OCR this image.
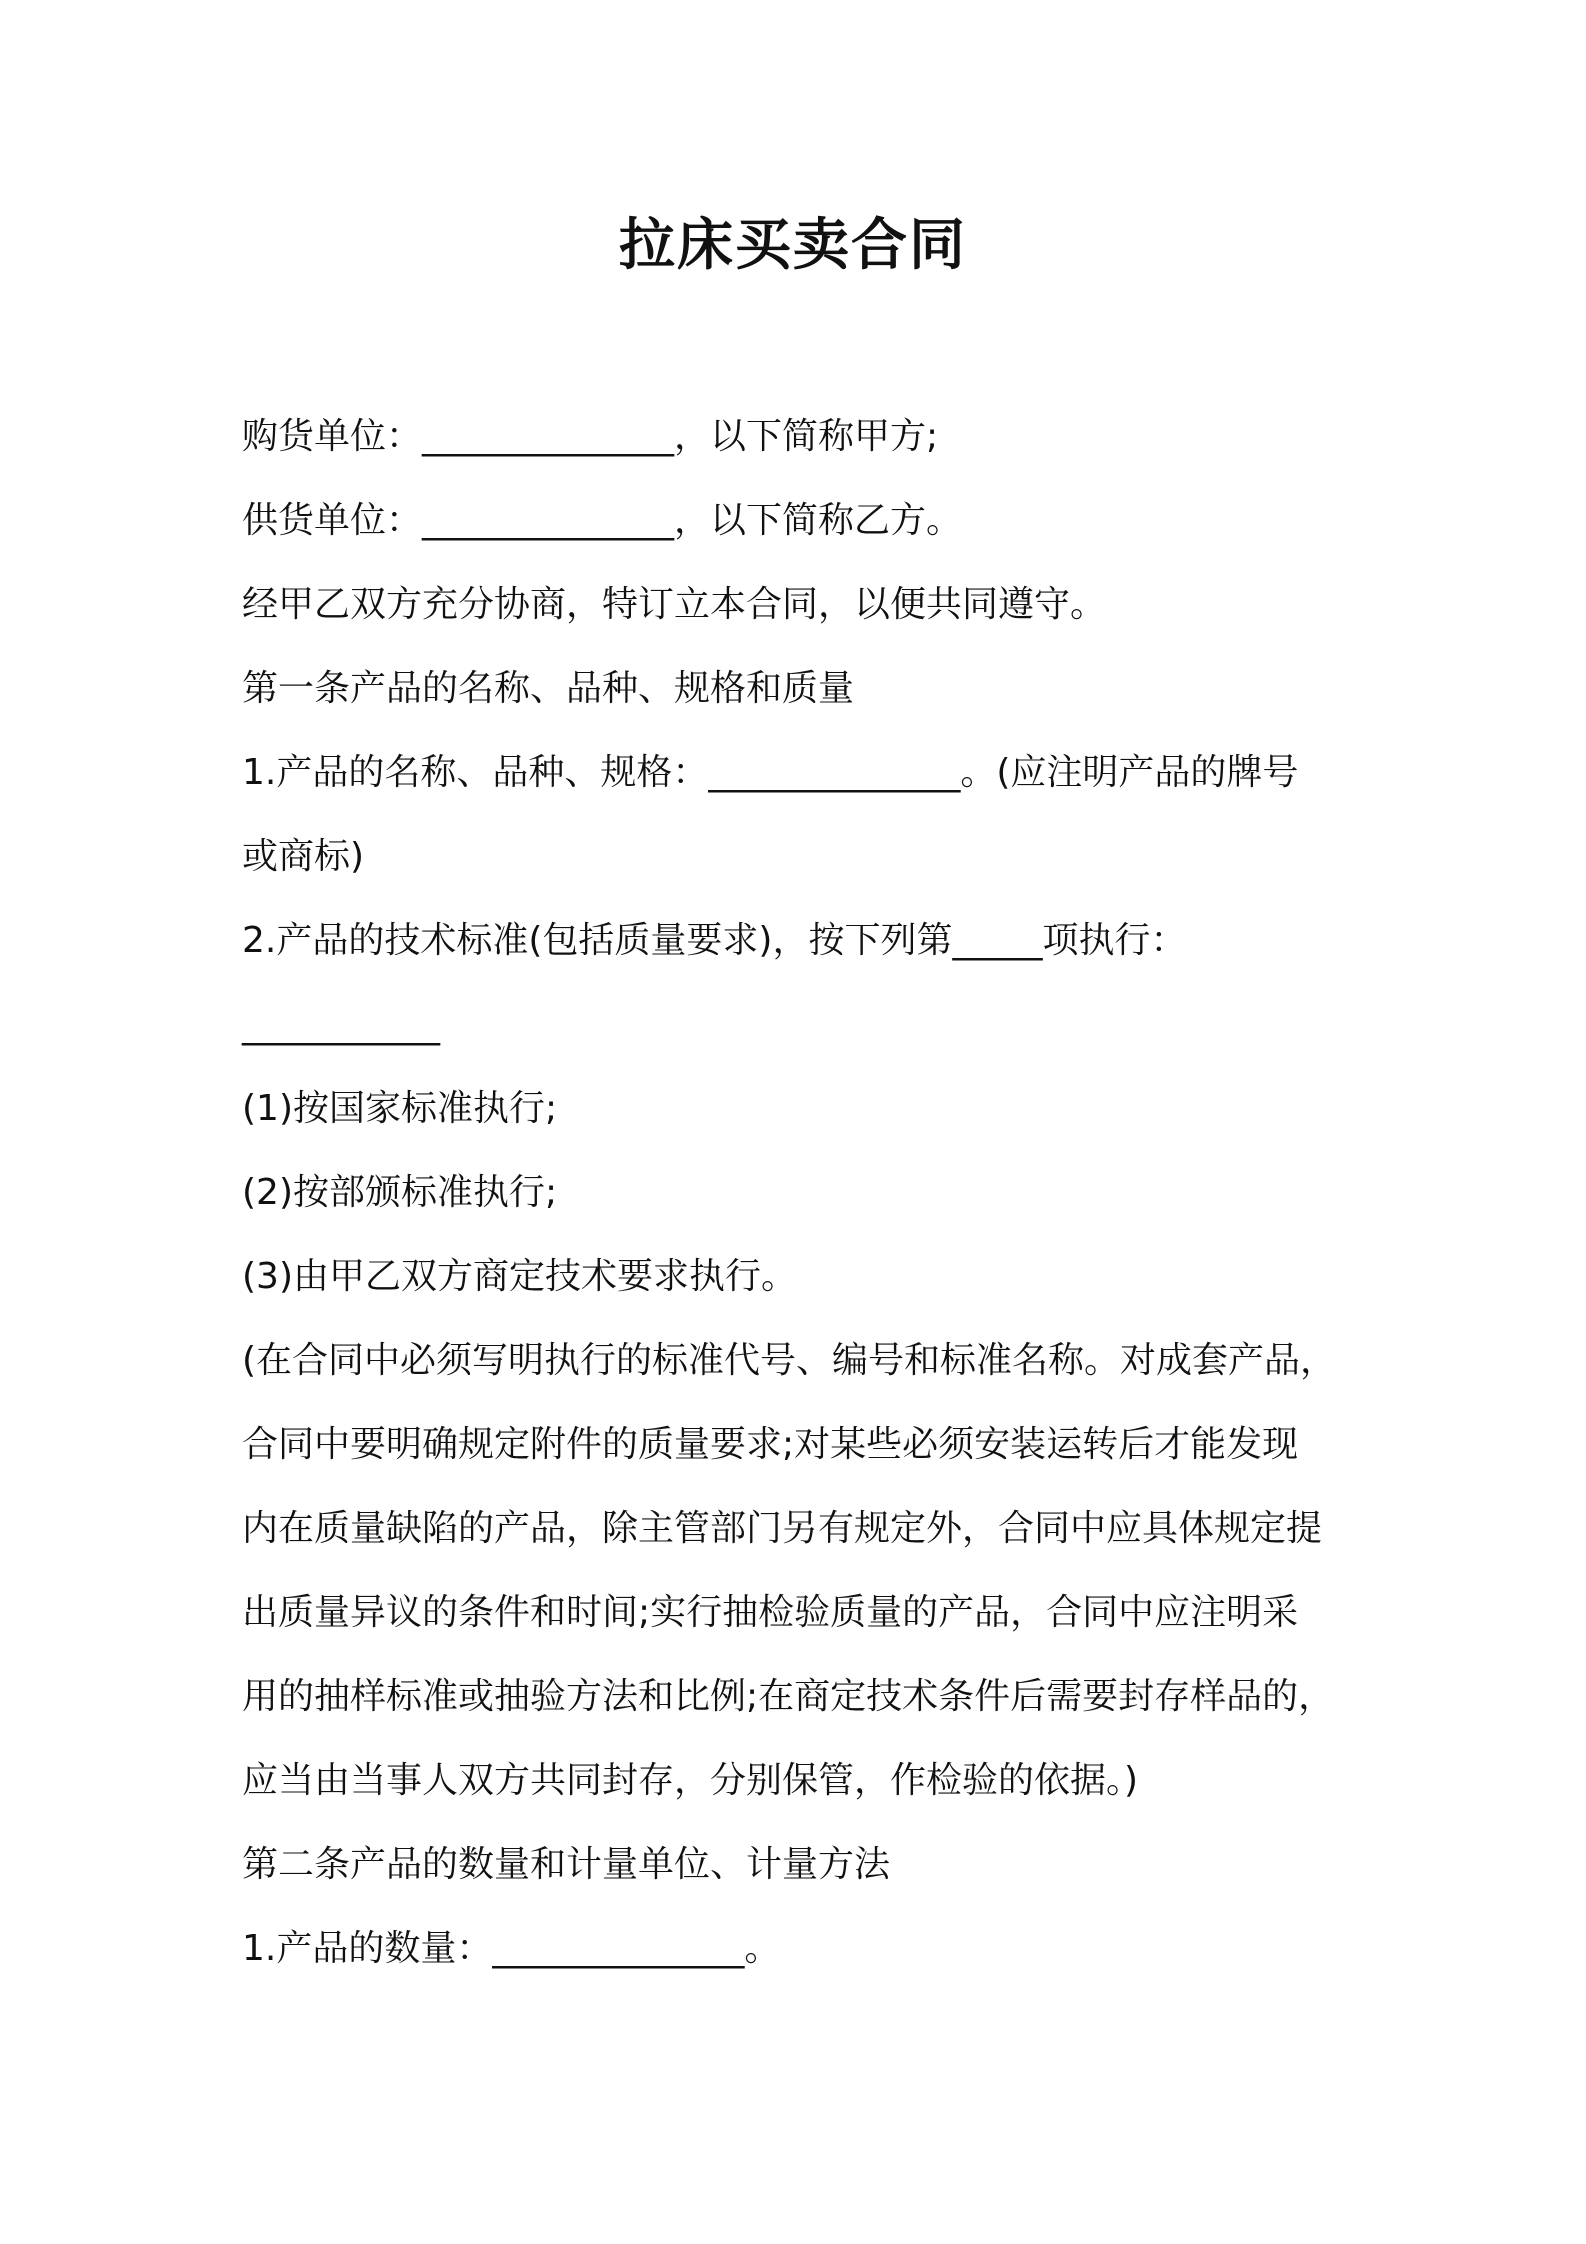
拉床买卖合同
购货单位：______________，以下简称甲方;
供货单位：______________，以下简称乙方。
经甲乙双方充分协商，特订立本合同，以便共同遵守。
第一条产品的名称、品种、规格和质量
1.产品的名称、品种、规格：______________。(应注明产品的牌号
或商标)
2.产品的技术标准(包括质量要求)，按下列第_____项执行：
___________
(1)按国家标准执行;
(2)按部颁标准执行;
(3)由甲乙双方商定技术要求执行。
(在合同中必须写明执行的标准代号、编号和标准名称。对成套产品，
合同中要明确规定附件的质量要求;对某些必须安装运转后才能发现
内在质量缺陷的产品，除主管部门另有规定外，合同中应具体规定提
出质量异议的条件和时间;实行抽检验质量的产品，合同中应注明采
用的抽样标准或抽验方法和比例;在商定技术条件后需要封存样品的，
应当由当事人双方共同封存，分别保管，作检验的依据。)
第二条产品的数量和计量单位、计量方法
1.产品的数量：______________。
